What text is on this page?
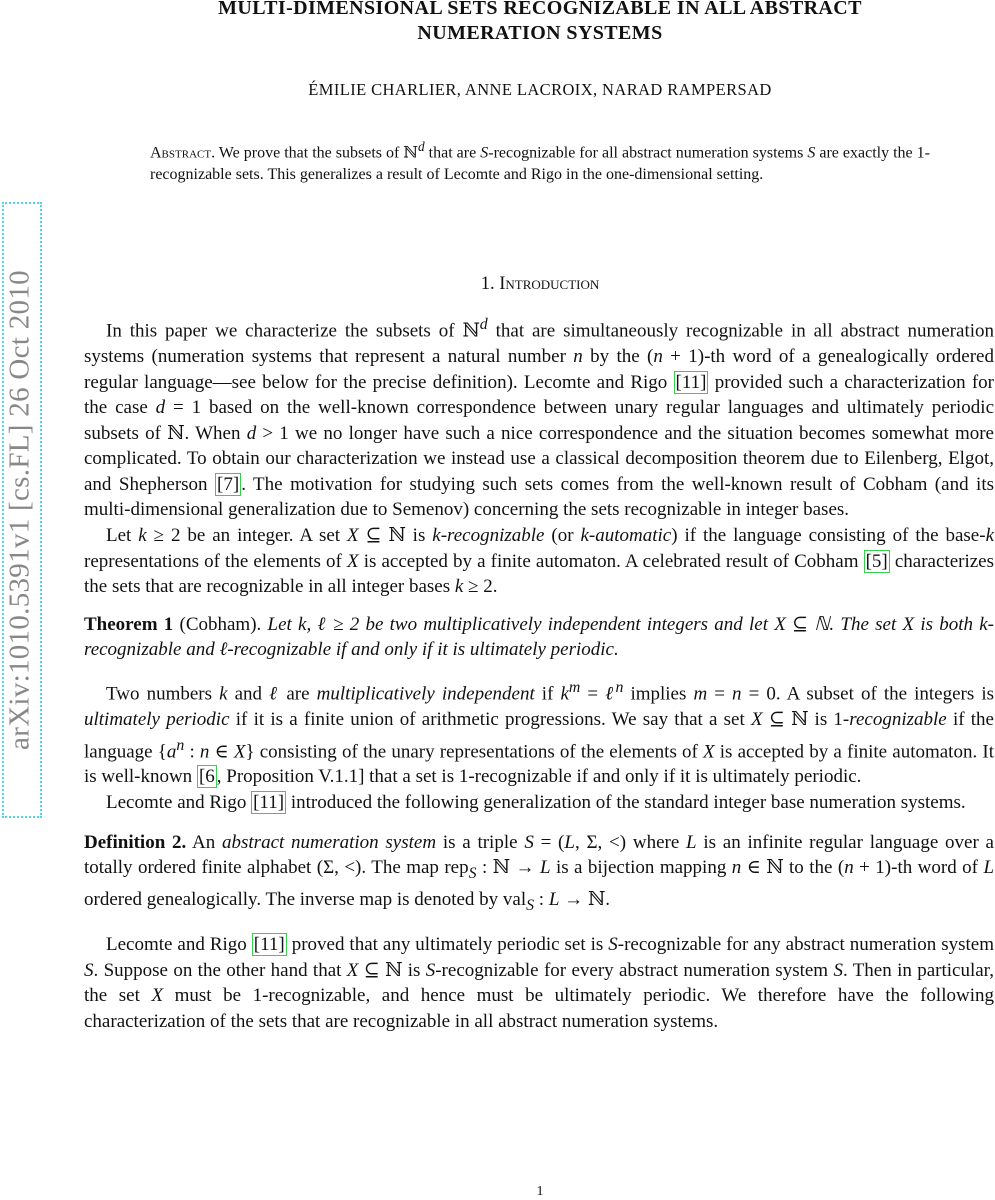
MULTI-DIMENSIONAL SETS RECOGNIZABLE IN ALL ABSTRACT
NUMERATION SYSTEMS
ÉMILIE CHARLIER, ANNE LACROIX, NARAD RAMPERSAD
Abstract. We prove that the subsets of ℕ$^d$ that are S-recognizable for all abstract numeration systems S are exactly the 1-recognizable sets. This generalizes a result of Lecomte and Rigo in the one-dimensional setting.
arXiv:1010.5391v1 [cs.FL] 26 Oct 2010	1. Introduction

In this paper we characterize the subsets of ℕ$^d$ that are simultaneously recognizable in all abstract numeration systems (numeration systems that represent a natural number n by the (n + 1)-th word of a genealogically ordered regular language—see below for the precise definition). Lecomte and Rigo [11] provided such a characterization for the case d = 1 based on the well-known correspondence between unary regular languages and ultimately periodic subsets of ℕ. When d > 1 we no longer have such a nice correspondence and the situation becomes somewhat more complicated. To obtain our characterization we instead use a classical decomposition theorem due to Eilenberg, Elgot, and Shepherson [7] . The motivation for studying such sets comes from the well-known result of Cobham (and its multi-dimensional generalization due to Semenov) concerning the sets recognizable in integer bases.

Let k ≥ 2 be an integer. A set X ⊆ ℕ is k-recognizable (or k-automatic) if the language consisting of the base-k representations of the elements of X is accepted by a finite automaton. A celebrated result of Cobham [5] characterizes the sets that are recognizable in all integer bases k ≥ 2.

Theorem 1 (Cobham). Let k, ℓ ≥ 2 be two multiplicatively independent integers and let X ⊆ ℕ. The set X is both k-recognizable and ℓ-recognizable if and only if it is ultimately periodic.

Two numbers k and ℓ are multiplicatively independent if $k^m$ = ℓ$^n$ implies m = n = 0. A subset of the integers is ultimately periodic if it is a finite union of arithmetic progressions. We say that a set X ⊆ ℕ is 1-recognizable if the language {$a^n$ : n ∈ X} consisting of the unary representations of the elements of X is accepted by a finite automaton. It is well-known [6 , Proposition V.1.1] that a set is 1-recognizable if and only if it is ultimately periodic.

Lecomte and Rigo [11] introduced the following generalization of the standard integer base numeration systems.

Definition 2. An abstract numeration system is a triple S = (L, Σ, <) where L is an infinite regular language over a totally ordered finite alphabet (Σ, <). The map rep$_S$ : ℕ → L is a bijection mapping n ∈ ℕ to the (n + 1)-th word of L ordered genealogically. The inverse map is denoted by val$_S$ : L → ℕ.

Lecomte and Rigo [11] proved that any ultimately periodic set is S-recognizable for any abstract numeration system S. Suppose on the other hand that X ⊆ ℕ is S-recognizable for every abstract numeration system S. Then in particular, the set X must be 1-recognizable, and hence must be ultimately periodic. We therefore have the following characterization of the sets that are recognizable in all abstract numeration systems.

1
